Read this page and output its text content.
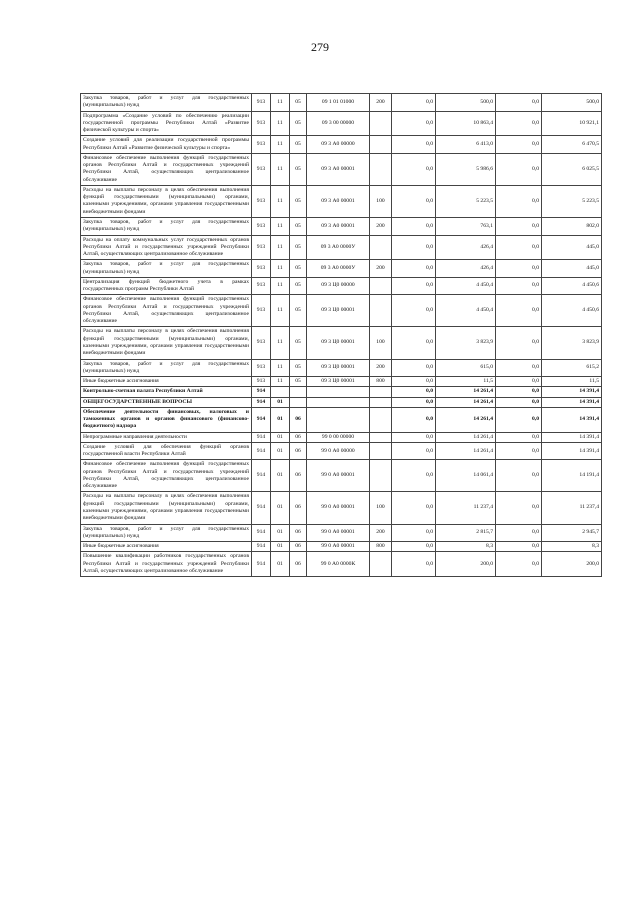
279
Закупка товаров, работ и услуг для государственных (муниципальных) нужд	913	11	05	09 1 01 01000	200	0,0	500,0	0,0	500,0
Подпрограмма «Создание условий по обеспечению реализации государственной программы Республики Алтай «Развитие физической культуры и спорта»	913	11	05	09 3 00 00000		0,0	10 863,4	0,0	10 921,1
Создание условий для реализации государственной программы Республики Алтай «Развитие физической культуры и спорта»	913	11	05	09 3 А0 00000		0,0	6 413,0	0,0	6 470,5
Финансовое обеспечение выполнения функций государственных органов Республики Алтай и государственных учреждений Республики Алтай, осуществляющих централизованное обслуживание	913	11	05	09 3 А0 00001		0,0	5 986,6	0,0	6 025,5
Расходы на выплаты персоналу в целях обеспечения выполнения функций государственными (муниципальными) органами, казенными учреждениями, органами управления государственными внебюджетными фондами	913	11	05	09 3 А0 00001	100	0,0	5 223,5	0,0	5 223,5
Закупка товаров, работ и услуг для государственных (муниципальных) нужд	913	11	05	09 3 А0 00001	200	0,0	763,1	0,0	802,0
Расходы на оплату коммунальных услуг государственных органов Республики Алтай и государственных учреждений Республики Алтай, осуществляющих централизованное обслуживание	913	11	05	09 3 А0 0000У		0,0	426,4	0,0	445,0
Закупка товаров, работ и услуг для государственных (муниципальных) нужд	913	11	05	09 3 А0 0000У	200	0,0	426,4	0,0	445,0
Централизация функций бюджетного учета в рамках государственных программ Республики Алтай	913	11	05	09 3 Ц0 00000		0,0	4 450,4	0,0	4 450,6
Финансовое обеспечение выполнения функций государственных органов Республики Алтай и государственных учреждений Республики Алтай, осуществляющих централизованное обслуживание	913	11	05	09 3 Ц0 00001		0,0	4 450,4	0,0	4 450,6
Расходы на выплаты персоналу в целях обеспечения выполнения функций государственными (муниципальными) органами, казенными учреждениями, органами управления государственными внебюджетными фондами	913	11	05	09 3 Ц0 00001	100	0,0	3 823,9	0,0	3 823,9
Закупка товаров, работ и услуг для государственных (муниципальных) нужд	913	11	05	09 3 Ц0 00001	200	0,0	615,0	0,0	615,2
Иные бюджетные ассигнования	913	11	05	09 3 Ц0 00001	800	0,0	11,5	0,0	11,5
Контрольно-счетная палата Республики Алтай	914					0,0	14 261,4	0,0	14 391,4
ОБЩЕГОСУДАРСТВЕННЫЕ ВОПРОСЫ	914	01				0,0	14 261,4	0,0	14 391,4
Обеспечение деятельности финансовых, налоговых и таможенных органов и органов финансового (финансово-бюджетного) надзора	914	01	06			0,0	14 261,4	0,0	14 391,4
Непрограммные направления деятельности	914	01	06	99 0 00 00000		0,0	14 261,4	0,0	14 391,4
Создание условий для обеспечения функций органов государственной власти Республики Алтай	914	01	06	99 0 А0 00000		0,0	14 261,4	0,0	14 391,4
Финансовое обеспечение выполнения функций государственных органов Республики Алтай и государственных учреждений Республики Алтай, осуществляющих централизованное обслуживание	914	01	06	99 0 А0 00001		0,0	14 061,4	0,0	14 191,4
Расходы на выплаты персоналу в целях обеспечения выполнения функций государственными (муниципальными) органами, казенными учреждениями, органами управления государственными внебюджетными фондами	914	01	06	99 0 А0 00001	100	0,0	11 237,4	0,0	11 237,4
Закупка товаров, работ и услуг для государственных (муниципальных) нужд	914	01	06	99 0 А0 00001	200	0,0	2 815,7	0,0	2 945,7
Иные бюджетные ассигнования	914	01	06	99 0 А0 00001	800	0,0	8,3	0,0	8,3
Повышение квалификации работников государственных органов Республики Алтай и государственных учреждений Республики Алтай, осуществляющих централизованное обслуживание	914	01	06	99 0 А0 0000К		0,0	200,0	0,0	200,0
